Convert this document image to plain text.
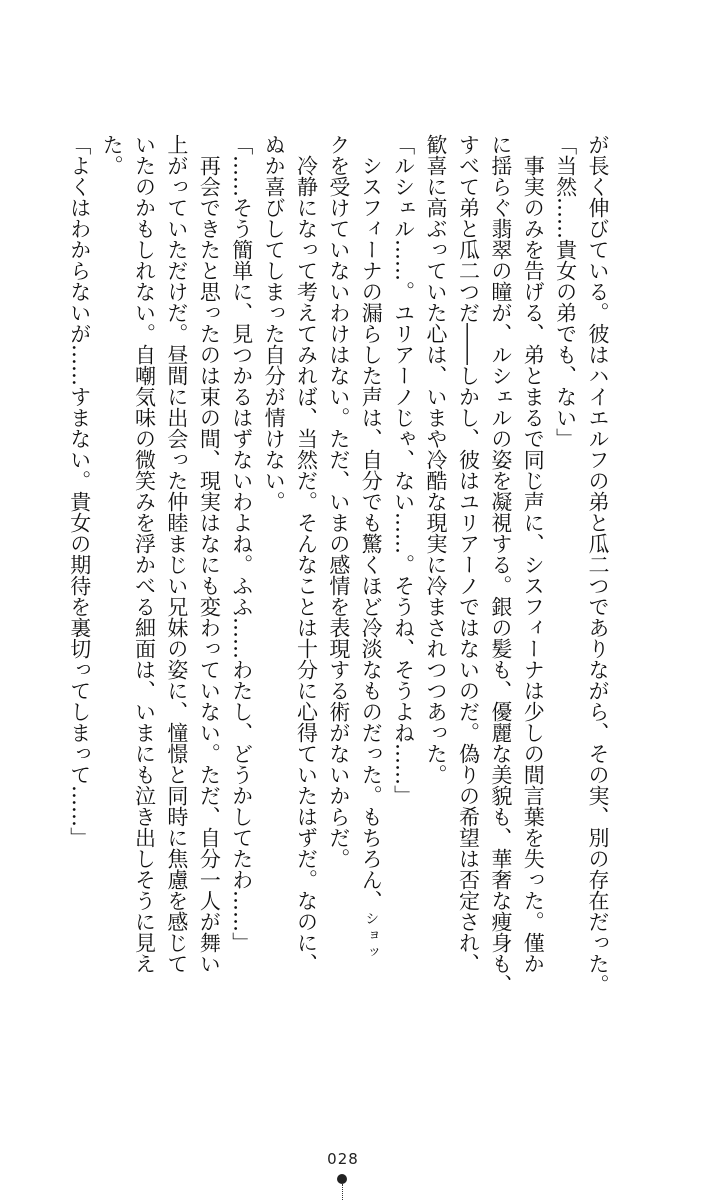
が長く伸びている。彼はハイエルフの弟と瓜二つでありながら、その実、別の存在だった。
「当然……貴女の弟でも、ない」
　事実のみを告げる、弟とまるで同じ声に、シスフィーナは少しの間言葉を失った。僅か
に揺らぐ翡翠の瞳が、ルシェルの姿を凝視する。銀の髪も、優麗な美貌も、華奢な痩身も、
すべて弟と瓜二つだ――しかし、彼はユリアーノではないのだ。偽りの希望は否定され、
歓喜に高ぶっていた心は、いまや冷酷な現実に冷まされつつあった。
「ルシェル……。ユリアーノじゃ、ない……。そうね、そうよね……」
　シスフィーナの漏らした声は、自分でも驚くほど冷淡なものだった。もちろん、ショッ
クを受けていないわけはない。ただ、いまの感情を表現する術がないからだ。
　冷静になって考えてみれば、当然だ。そんなことは十分に心得ていたはずだ。なのに、
ぬか喜びしてしまった自分が情けない。
「……そう簡単に、見つかるはずないわよね。ふふ……わたし、どうかしてたわ……」
　再会できたと思ったのは束の間、現実はなにも変わっていない。ただ、自分一人が舞い
上がっていただけだ。昼間に出会った仲睦まじい兄妹の姿に、憧憬と同時に焦慮を感じて
いたのかもしれない。自嘲気味の微笑みを浮かべる細面は、いまにも泣き出しそうに見え
た。
「よくはわからないが……すまない。貴女の期待を裏切ってしまって……」
028
